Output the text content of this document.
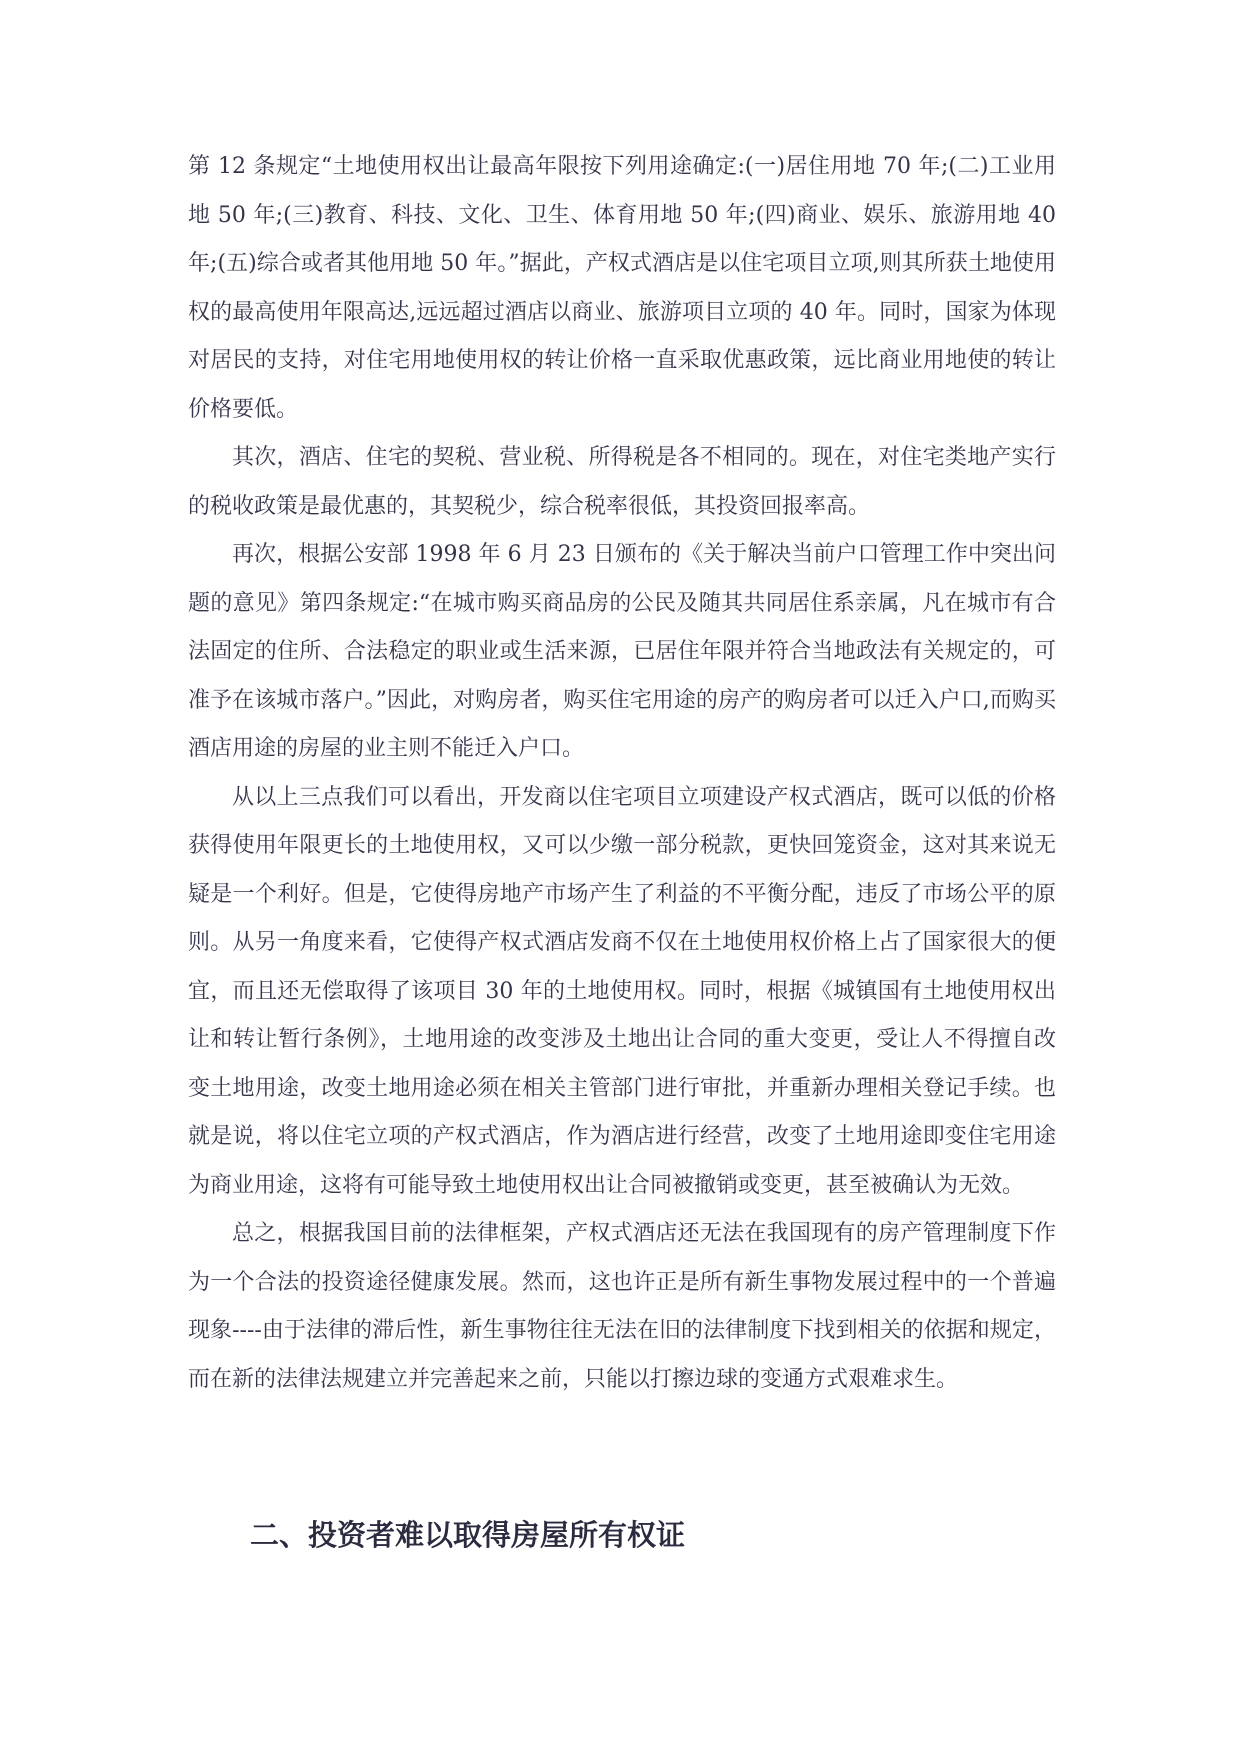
第 12 条规定“土地使用权出让最高年限按下列用途确定:(一)居住用地 70 年;(二)工业用地 50 年;(三)教育、科技、文化、卫生、体育用地 50 年;(四)商业、娱乐、旅游用地 40 年;(五)综合或者其他用地 50 年。”据此，产权式酒店是以住宅项目立项,则其所获土地使用权的最高使用年限高达,远远超过酒店以商业、旅游项目立项的 40 年。同时，国家为体现对居民的支持，对住宅用地使用权的转让价格一直采取优惠政策，远比商业用地使的转让价格要低。

其次，酒店、住宅的契税、营业税、所得税是各不相同的。现在，对住宅类地产实行的税收政策是最优惠的，其契税少，综合税率很低，其投资回报率高。

再次，根据公安部 1998 年 6 月 23 日颁布的《关于解决当前户口管理工作中突出问题的意见》第四条规定:“在城市购买商品房的公民及随其共同居住系亲属，凡在城市有合法固定的住所、合法稳定的职业或生活来源，已居住年限并符合当地政法有关规定的，可准予在该城市落户。”因此，对购房者，购买住宅用途的房产的购房者可以迁入户口,而购买酒店用途的房屋的业主则不能迁入户口。

从以上三点我们可以看出，开发商以住宅项目立项建设产权式酒店，既可以低的价格获得使用年限更长的土地使用权，又可以少缴一部分税款，更快回笼资金，这对其来说无疑是一个利好。但是，它使得房地产市场产生了利益的不平衡分配，违反了市场公平的原则。从另一角度来看，它使得产权式酒店发商不仅在土地使用权价格上占了国家很大的便宜，而且还无偿取得了该项目 30 年的土地使用权。同时，根据《城镇国有土地使用权出让和转让暂行条例》，土地用途的改变涉及土地出让合同的重大变更，受让人不得擅自改变土地用途，改变土地用途必须在相关主管部门进行审批，并重新办理相关登记手续。也就是说，将以住宅立项的产权式酒店，作为酒店进行经营，改变了土地用途即变住宅用途为商业用途，这将有可能导致土地使用权出让合同被撤销或变更，甚至被确认为无效。

总之，根据我国目前的法律框架，产权式酒店还无法在我国现有的房产管理制度下作为一个合法的投资途径健康发展。然而，这也许正是所有新生事物发展过程中的一个普遍现象----由于法律的滞后性，新生事物往往无法在旧的法律制度下找到相关的依据和规定，而在新的法律法规建立并完善起来之前，只能以打擦边球的变通方式艰难求生。

二、投资者难以取得房屋所有权证
